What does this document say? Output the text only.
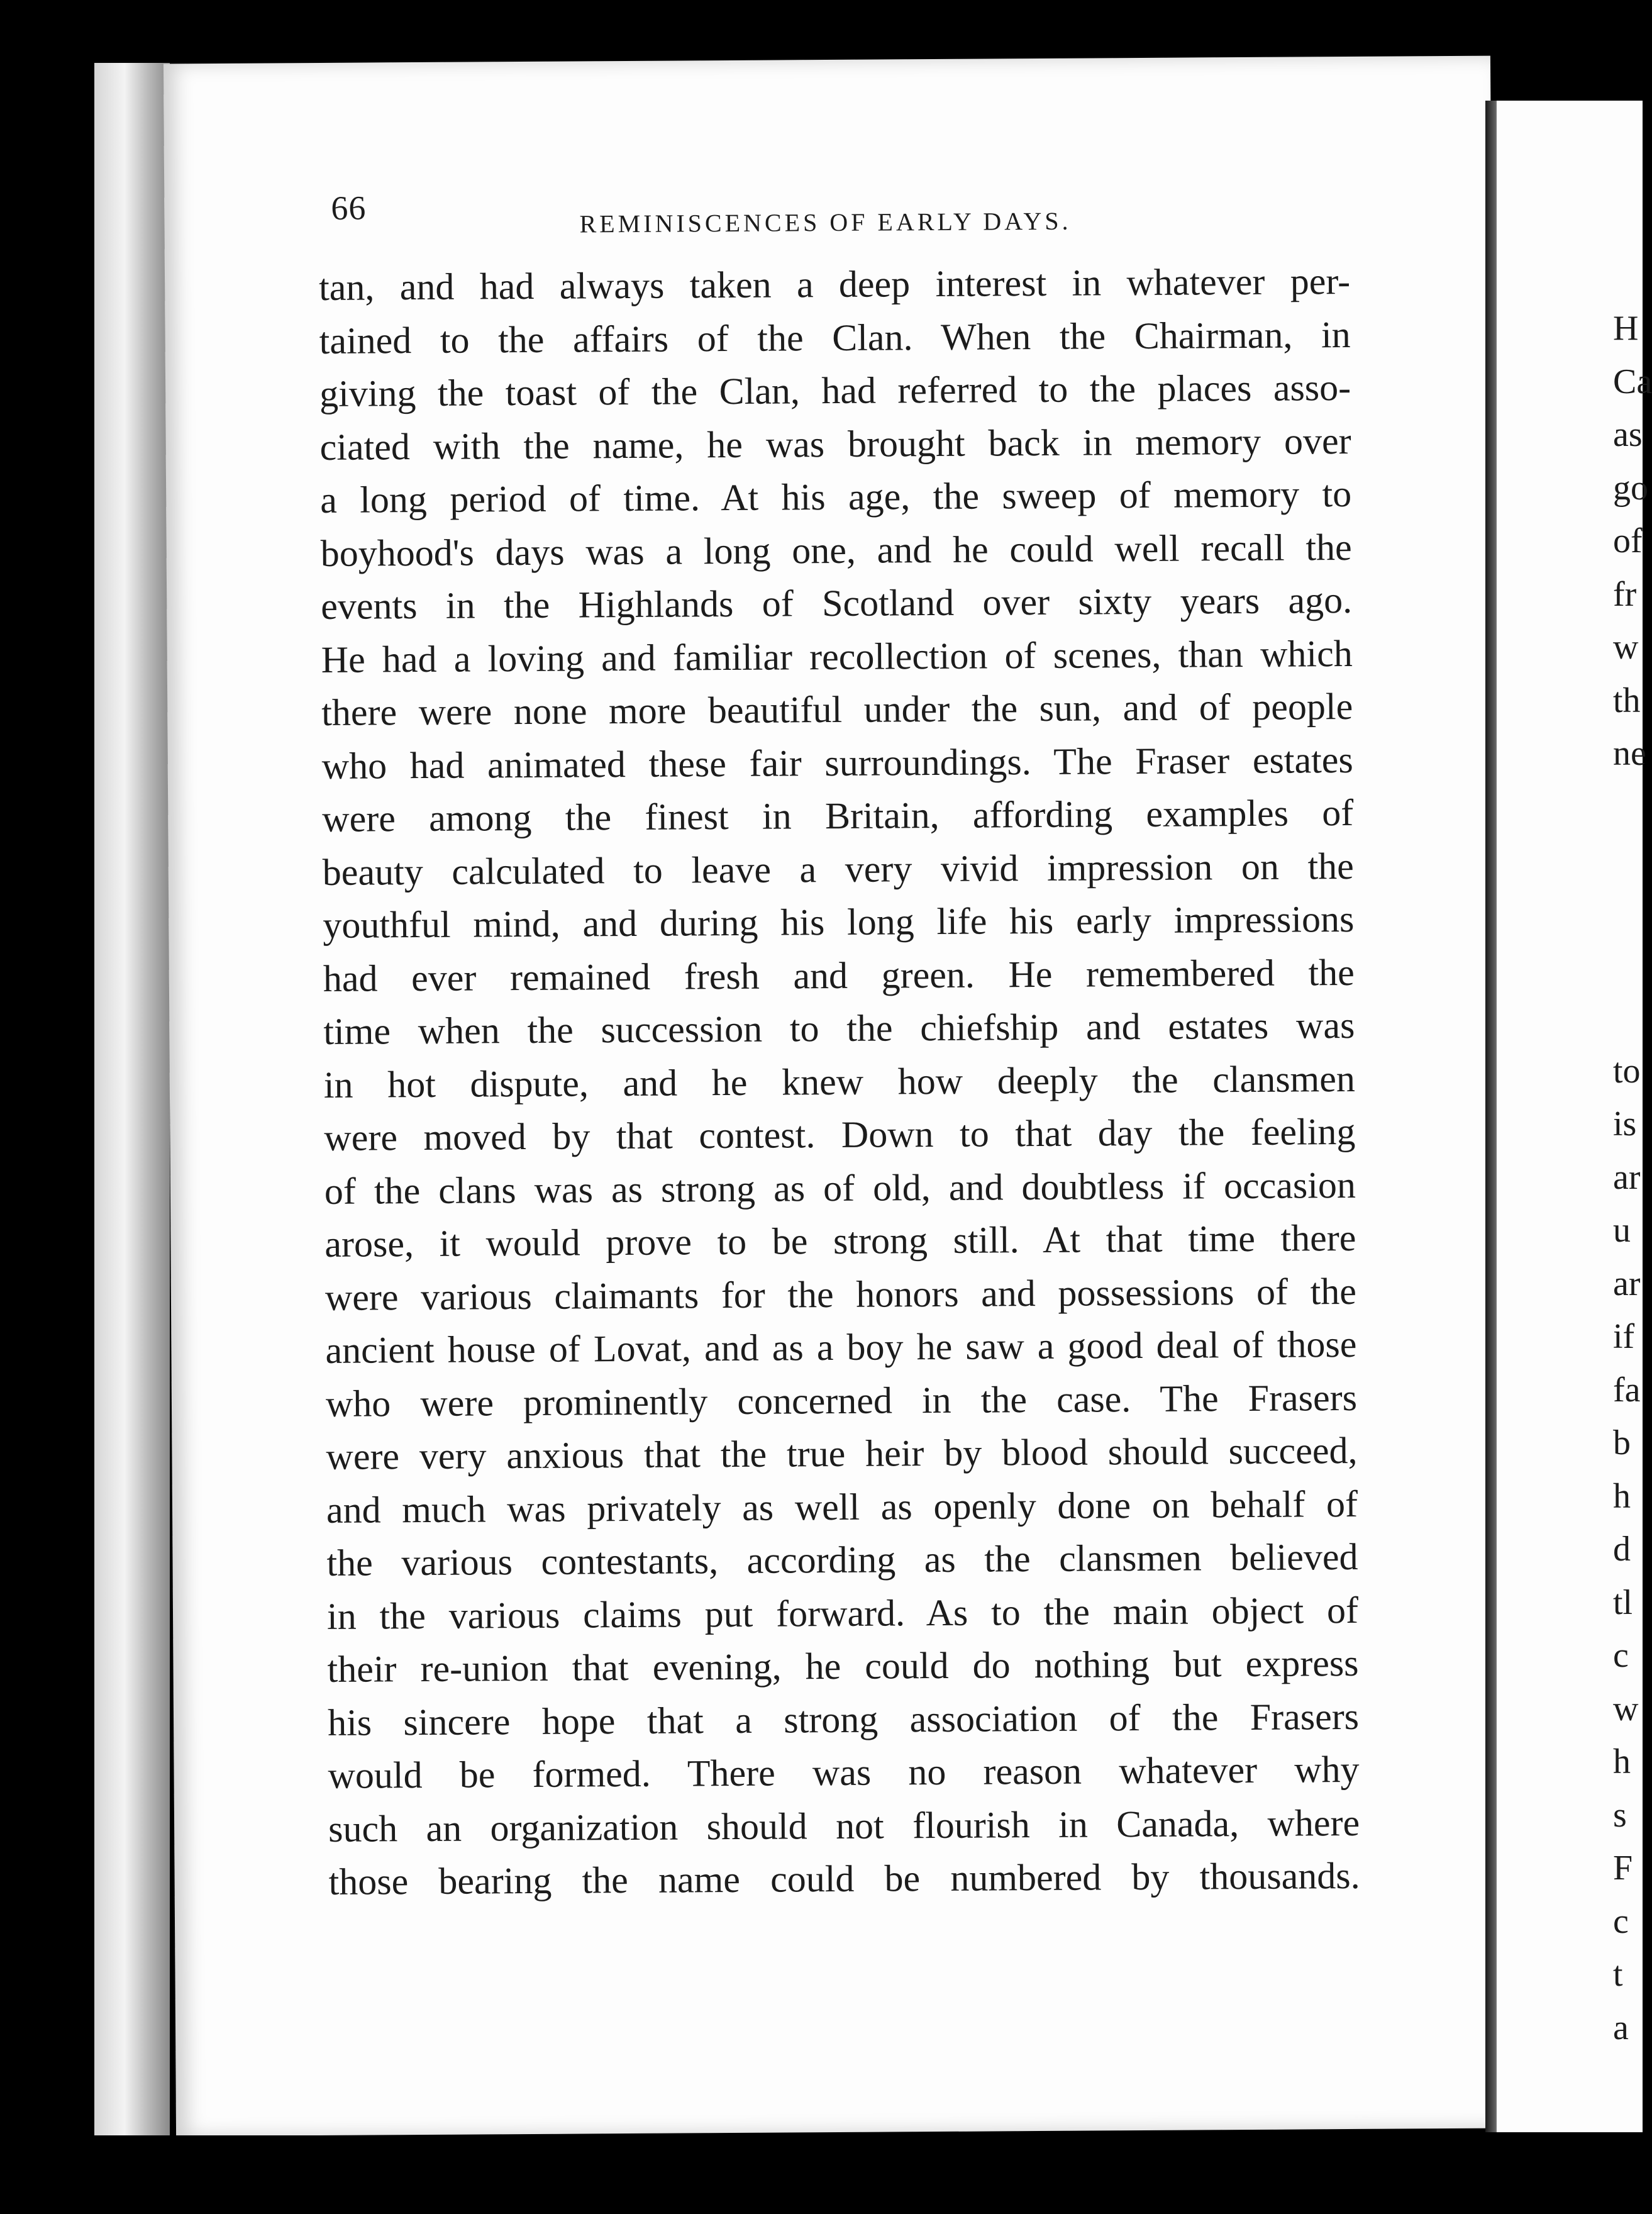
66	REMINISCENCES OF EARLY DAYS.
tan, and had always taken a deep interest in whatever per-
tained to the affairs of the Clan. When the Chairman, in
giving the toast of the Clan, had referred to the places asso-
ciated with the name, he was brought back in memory over
a long period of time. At his age, the sweep of memory to
boyhood's days was a long one, and he could well recall the
events in the Highlands of Scotland over sixty years ago.
He had a loving and familiar recollection of scenes, than which
there were none more beautiful under the sun, and of people
who had animated these fair surroundings. The Fraser estates
were among the finest in Britain, affording examples of
beauty calculated to leave a very vivid impression on the
youthful mind, and during his long life his early impressions
had ever remained fresh and green. He remembered the
time when the succession to the chiefship and estates was
in hot dispute, and he knew how deeply the clansmen
were moved by that contest. Down to that day the feeling
of the clans was as strong as of old, and doubtless if occasion
arose, it would prove to be strong still. At that time there
were various claimants for the honors and possessions of the
ancient house of Lovat, and as a boy he saw a good deal of those
who were prominently concerned in the case. The Frasers
were very anxious that the true heir by blood should succeed,
and much was privately as well as openly done on behalf of
the various contestants, according as the clansmen believed
in the various claims put forward. As to the main object of
their re-union that evening, he could do nothing but express
his sincere hope that a strong association of the Frasers
would be formed. There was no reason whatever why
such an organization should not flourish in Canada, where
those bearing the name could be numbered by thousands.
H
Ca
as
go
of
fr
w
th
ne
to
is
ar
u
ar
if
fa
b
h
d
tl
c
w
h
s
F
c
t
a
